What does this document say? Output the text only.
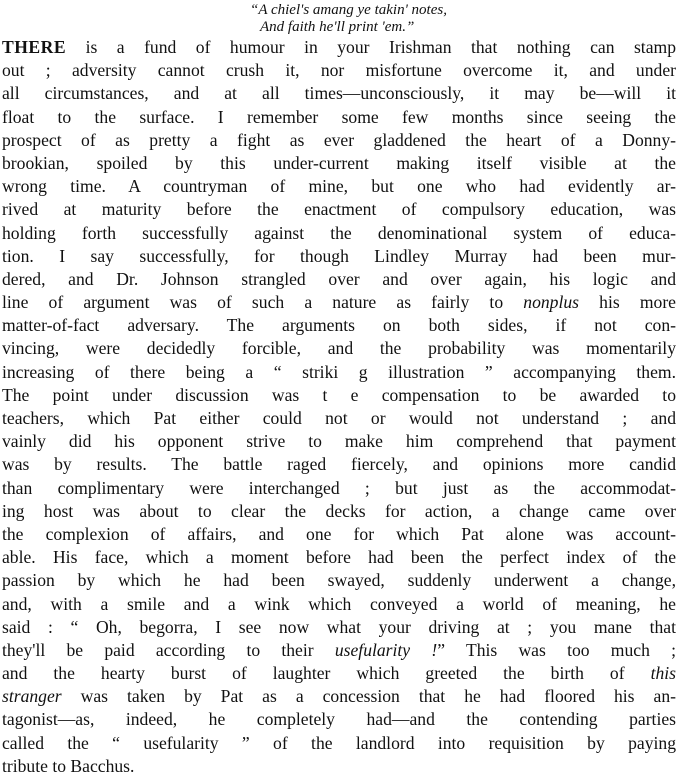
“A chiel's amang ye takin' notes,
And faith he'll print 'em.”
THERE is a fund of humour in your Irishman that nothing can stamp
out ; adversity cannot crush it, nor misfortune overcome it, and under
all circumstances, and at all times—unconsciously, it may be—will it
float to the surface. I remember some few months since seeing the
prospect of as pretty a fight as ever gladdened the heart of a Donny-
brookian, spoiled by this under-current making itself visible at the
wrong time. A countryman of mine, but one who had evidently ar-
rived at maturity before the enactment of compulsory education, was
holding forth successfully against the denominational system of educa-
tion. I say successfully, for though Lindley Murray had been mur-
dered, and Dr. Johnson strangled over and over again, his logic and
line of argument was of such a nature as fairly to nonplus his more
matter-of-fact adversary. The arguments on both sides, if not con-
vincing, were decidedly forcible, and the probability was momentarily
increasing of there being a “ striki g illustration ” accompanying them.
The point under discussion was t e compensation to be awarded to
teachers, which Pat either could not or would not understand ; and
vainly did his opponent strive to make him comprehend that payment
was by results. The battle raged fiercely, and opinions more candid
than complimentary were interchanged ; but just as the accommodat-
ing host was about to clear the decks for action, a change came over
the complexion of affairs, and one for which Pat alone was account-
able. His face, which a moment before had been the perfect index of the
passion by which he had been swayed, suddenly underwent a change,
and, with a smile and a wink which conveyed a world of meaning, he
said : “ Oh, begorra, I see now what your driving at ; you mane that
they'll be paid according to their usefularity !” This was too much ;
and the hearty burst of laughter which greeted the birth of this
stranger was taken by Pat as a concession that he had floored his an-
tagonist—as, indeed, he completely had—and the contending parties
called the “ usefularity ” of the landlord into requisition by paying
tribute to Bacchus.
